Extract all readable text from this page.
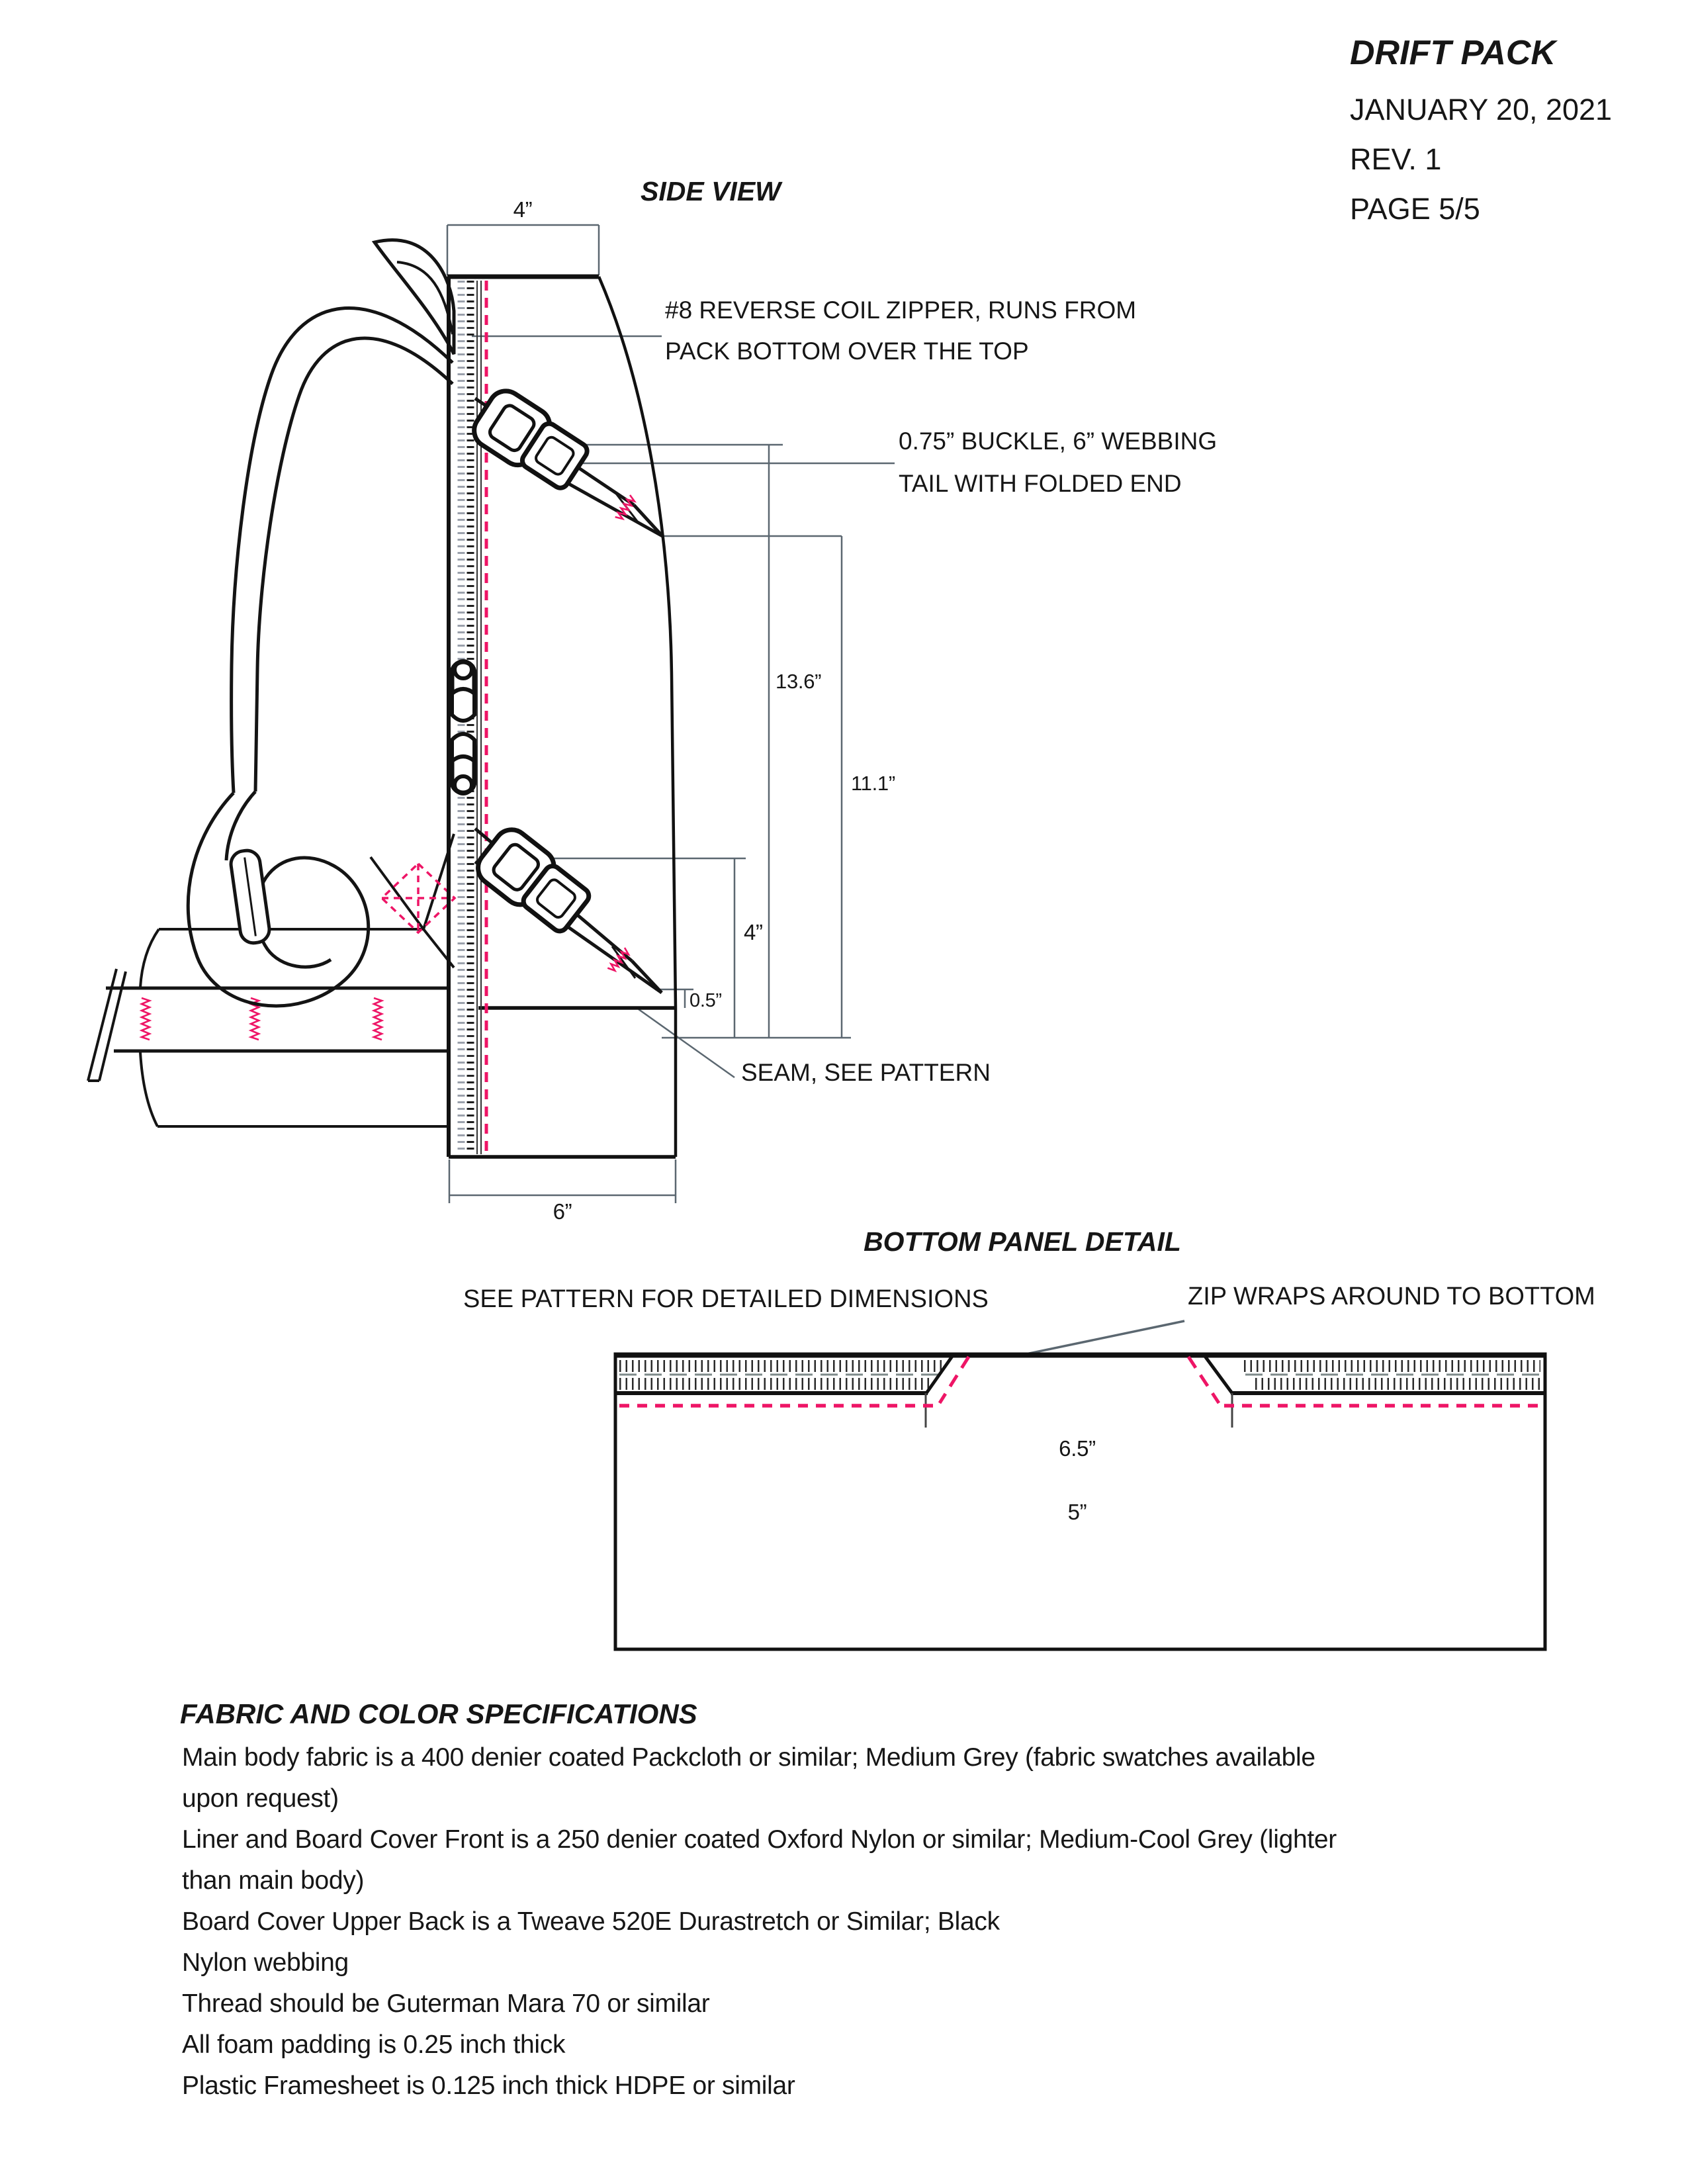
DRIFT PACK
JANUARY 20, 2021
REV. 1
PAGE 5/5
SIDE VIEW
4”
#8 REVERSE COIL ZIPPER, RUNS FROM
PACK BOTTOM OVER THE TOP
0.75” BUCKLE, 6” WEBBING
TAIL WITH FOLDED END
13.6”
11.1”
4”
0.5”
SEAM, SEE PATTERN
6”
BOTTOM PANEL DETAIL
SEE PATTERN FOR DETAILED DIMENSIONS	ZIP WRAPS AROUND TO BOTTOM
6.5”
5”
FABRIC AND COLOR SPECIFICATIONS
Main body fabric is a 400 denier coated Packcloth or similar; Medium Grey (fabric swatches available
upon request)
Liner and Board Cover Front is a 250 denier coated Oxford Nylon or similar; Medium-Cool Grey (lighter
than main body)
Board Cover Upper Back is a Tweave 520E Durastretch or Similar; Black
Nylon webbing
Thread should be Guterman Mara 70 or similar
All foam padding is 0.25 inch thick
Plastic Framesheet is 0.125 inch thick HDPE or similar
